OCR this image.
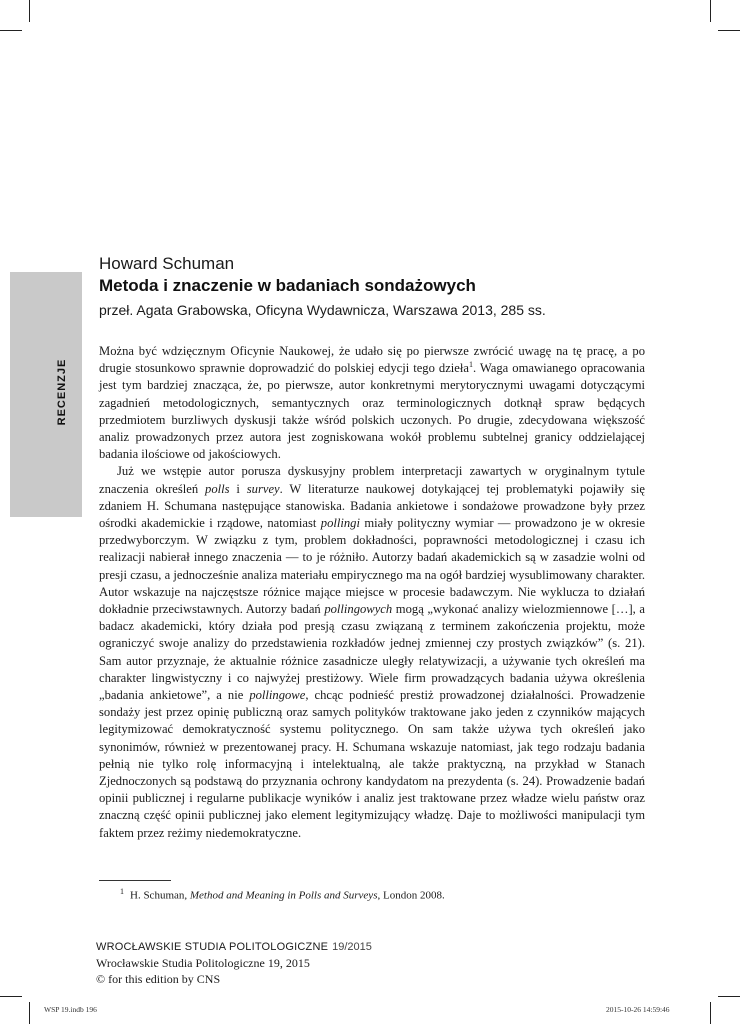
RECENZJE
Howard Schuman
Metoda i znaczenie w badaniach sondażowych
przeł. Agata Grabowska, Oficyna Wydawnicza, Warszawa 2013, 285 ss.

Można być wdzięcznym Oficynie Naukowej, że udało się po pierwsze zwrócić uwagę na tę pracę, a po drugie stosunkowo sprawnie doprowadzić do polskiej edycji tego dzieła$^1$. Waga omawianego opracowania jest tym bardziej znacząca, że, po pierwsze, autor konkretnymi merytorycznymi uwagami dotyczącymi zagadnień metodologicznych, semantycznych oraz terminologicznych dotknął spraw będących przedmiotem burzliwych dyskusji także wśród polskich uczonych. Po drugie, zdecydowana większość analiz prowadzonych przez autora jest zogniskowana wokół problemu subtelnej granicy oddzielającej badania ilościowe od jakościowych.

Już we wstępie autor porusza dyskusyjny problem interpretacji zawartych w oryginalnym tytule znaczenia określeń polls i survey. W literaturze naukowej dotykającej tej problematyki pojawiły się zdaniem H. Schumana następujące stanowiska. Badania ankietowe i sondażowe prowadzone były przez ośrodki akademickie i rządowe, natomiast pollingi miały polityczny wymiar — prowadzono je w okresie przedwyborczym. W związku z tym, problem dokładności, poprawności metodologicznej i czasu ich realizacji nabierał innego znaczenia — to je różniło. Autorzy badań akademickich są w zasadzie wolni od presji czasu, a jednocześnie analiza materiału empirycznego ma na ogół bardziej wysublimowany charakter. Autor wskazuje na najczęstsze różnice mające miejsce w procesie badawczym. Nie wyklucza to działań dokładnie przeciwstawnych. Autorzy badań pollingowych mogą „wykonać analizy wielozmiennowe […], a badacz akademicki, który działa pod presją czasu związaną z terminem zakończenia projektu, może ograniczyć swoje analizy do przedstawienia rozkładów jednej zmiennej czy prostych związków” (s. 21). Sam autor przyznaje, że aktualnie różnice zasadnicze uległy relatywizacji, a używanie tych określeń ma charakter lingwistyczny i co najwyżej prestiżowy. Wiele firm prowadzących badania używa określenia „badania ankietowe”, a nie pollingowe, chcąc podnieść prestiż prowadzonej działalności. Prowadzenie sondaży jest przez opinię publiczną oraz samych polityków traktowane jako jeden z czynników mających legitymizować demokratyczność systemu politycznego. On sam także używa tych określeń jako synonimów, również w prezentowanej pracy. H. Schumana wskazuje natomiast, jak tego rodzaju badania pełnią nie tylko rolę informacyjną i intelektualną, ale także praktyczną, na przykład w Stanach Zjednoczonych są podstawą do przyznania ochrony kandydatom na prezydenta (s. 24). Prowadzenie badań opinii publicznej i regularne publikacje wyników i analiz jest traktowane przez władze wielu państw oraz znaczną część opinii publicznej jako element legitymizujący władzę. Daje to możliwości manipulacji tym faktem przez reżimy niedemokratyczne.

$^1$ H. Schuman, Method and Meaning in Polls and Surveys, London 2008.
WROCŁAWSKIE STUDIA POLITOLOGICZNE 19/2015
Wrocławskie Studia Politologiczne 19, 2015
© for this edition by CNS
WSP 19.indb 196	2015-10-26 14:59:46
